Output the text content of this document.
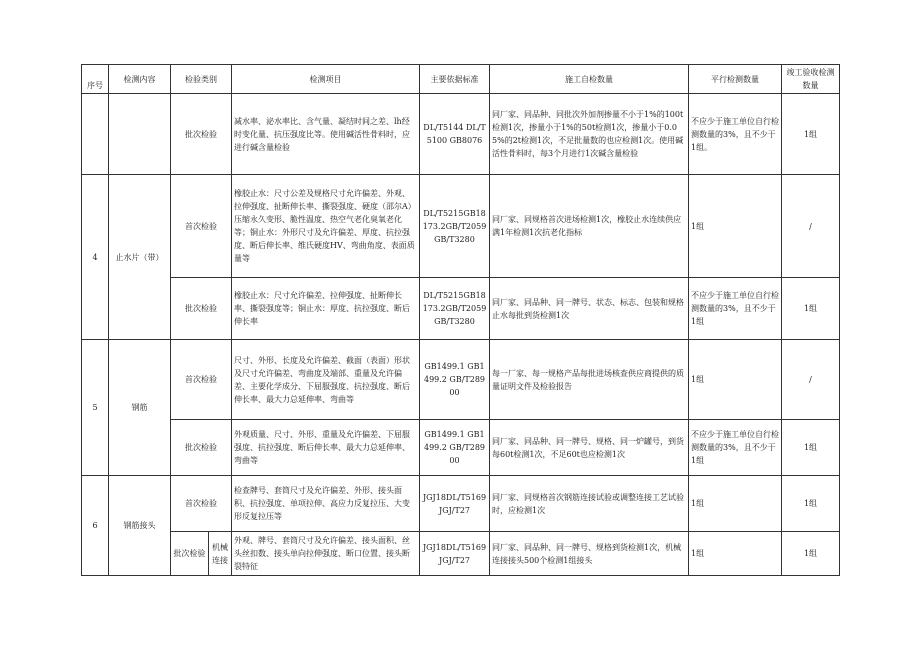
序号	检测内容	检验类别		检测项目	主要依据标准	施工自检数量	平行检测数量	竣工验收检测数量
		批次检验		减水率、泌水率比、含气量、凝结时间之差、lh经时变化量、抗压强度比等。使用碱活性骨料时，应进行碱含量检验	DL/T5144 DL/T5100 GB8076	同厂家、同品种、同批次外加剂掺量不小于1%的100t检测1次，掺量小于1%的50t检测1次，掺量小于0.05%的2t检测1次，不足批量数的也应检测1次。使用碱活性骨料时，每3个月进行1次碱含量检验	不应少于施工单位自行检测数量的3%，且不少于1组。	1组
4	止水片（带）	首次检验		橡胶止水：尺寸公差及规格尺寸允许偏差、外观、拉伸强度、扯断伸长率、撕裂强度、硬度（邵尔A）压缩永久变形、脆性温度、热空气老化臭氧老化等；铜止水：外形尺寸及允许偏差、厚度、抗拉强度、断后伸长率、维氏硬度HV、弯曲角度、表面质量等	DL/T5215GB18173.2GB/T2059GB/T3280	同厂家、同规格首次进场检测1次，橡胶止水连续供应满1年检测1次抗老化指标	1组	/
		批次检验		橡胶止水：尺寸允许偏差、拉伸强度、扯断伸长率、撕裂强度等；铜止水：厚度、抗拉强度、断后伸长率	DL/T5215GB18173.2GB/T2059GB/T3280	同厂家、同品种、同一牌号、状态、标志、包装和规格止水每批到货检测1次	不应少于施工单位自行检测数量的3%，且不少于1组	1组
5	钢筋	首次检验		尺寸、外形、长度及允许偏差、截面（表面）形状及尺寸允许偏差、弯曲度及端部、重量及允许偏差、主要化学成分、下屈服强度、抗拉强度、断后伸长率、最大力总延伸率、弯曲等	GB1499.1 GB1499.2 GB/T28900	每一厂家、每一规格产品每批进场核查供应商提供的质量证明文件及检验报告	1组	/
		批次检验		外观质量、尺寸、外形、重量及允许偏差、下屈服强度、抗拉强度、断后伸长率、最大力总延伸率、弯曲等	GB1499.1 GB1499.2 GB/T28900	同厂家、同品种、同一牌号、规格、同一炉罐号，到货每60t检测1次，不足60t也应检测1次	不应少于施工单位自行检测数量的3%，且不少于1组	1组
6	钢筋接头	首次检验		检查牌号、套筒尺寸及允许偏差、外形、接头面积、抗拉强度、单项拉伸、高应力反复拉压、大变形反复拉压等	JGJ18DL/T5169JGJ/T27	同厂家、同规格首次钢筋连接试验或调整连接工艺试验时，应检测1次	1组	1组
		批次检验	机械连接	外观、牌号、套筒尺寸及允许偏差、接头面积、丝头丝扣数、接头单向拉伸强度、断口位置、接头断裂特征	JGJ18DL/T5169JGJ/T27	同厂家、同品种、同一牌号、规格到货检测1次，机械连接接头500个检测1组接头	1组	1组
